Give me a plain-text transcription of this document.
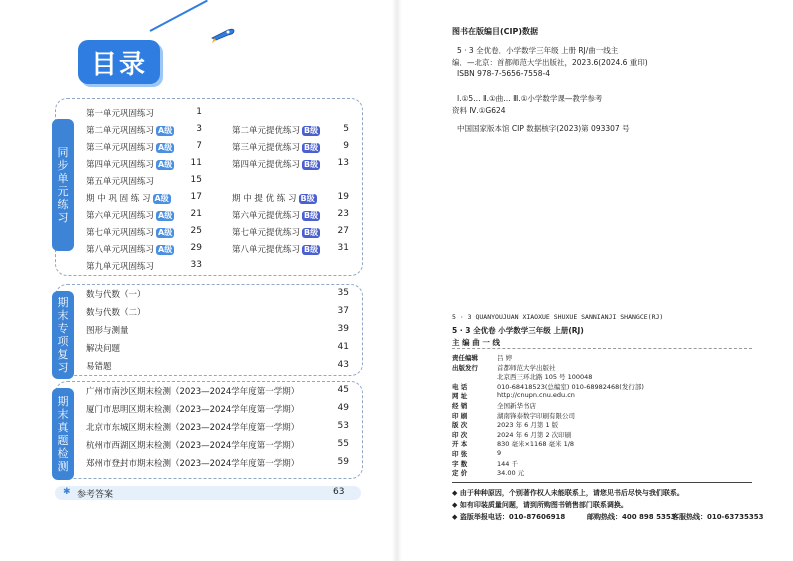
目录
同
步
单
元
练
习
第一单元巩固练习	1
第二单元巩固练习 A级	3
第三单元巩固练习 A级	7
第四单元巩固练习 A级	11
第五单元巩固练习	15
期 中 巩 固 练 习 A级	17
第六单元巩固练习 A级	21
第七单元巩固练习 A级	25
第八单元巩固练习 A级	29
第九单元巩固练习	33
第二单元提优练习 B级	5
第三单元提优练习 B级	9
第四单元提优练习 B级	13
期 中 提 优 练 习 B级	19
第六单元提优练习 B级	23
第七单元提优练习 B级	27
第八单元提优练习 B级	31
期
末
专
项
复
习
数与代数（一）	35
数与代数（二）	37
图形与测量	39
解决问题	41
易错题	43
期
末
真
题
检
测
广州市南沙区期末检测（2023—2024学年度第一学期）	45
厦门市思明区期末检测（2023—2024学年度第一学期）	49
北京市东城区期末检测（2023—2024学年度第一学期）	53
杭州市西湖区期末检测（2023—2024学年度第一学期）	55
郑州市登封市期末检测（2023—2024学年度第一学期）	59
✱ 参考答案	63
图书在版编目(CIP)数据
5 · 3 全优卷．小学数学三年级 上册 RJ/曲一线主
编．—北京：首都师范大学出版社，2023.6(2024.6 重印)
ISBN 978-7-5656-7558-4
Ⅰ.①5… Ⅱ.①曲… Ⅲ.①小学数学课—教学参考
资料 Ⅳ.①G624
中国国家版本馆 CIP 数据核字(2023)第 093307 号
5 · 3 QUANYOUJUAN XIAOXUE SHUXUE SANNIANJI SHANGCE(RJ)
5 · 3 全优卷 小学数学三年级 上册(RJ)
主 编 曲 一 线
责任编辑	吕 婷
出版发行	首都师范大学出版社
北京西三环北路 105 号 100048
电 话	010-68418523(总编室) 010-68982468(发行部)
网 址	http://cnupn.cnu.edu.cn
经 销	全国新华书店
印 刷	湖南锋泰数字印刷有限公司
版 次	2023 年 6 月第 1 版
印 次	2024 年 6 月第 2 次印刷
开 本	830 毫米×1168 毫米 1/8
印 张	9
字 数	144 千
定 价	34.00 元
◆ 由于种种原因，个别著作权人未能联系上，请您见书后尽快与我们联系。
◆ 如有印装质量问题，请到所购图书销售部门联系调换。
◆ 盗版举报电话：010-87606918	邮购热线：400 898 5353
客服热线：010-63735353
